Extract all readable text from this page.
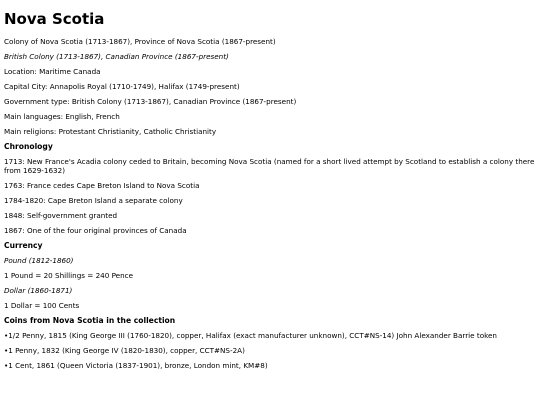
Nova Scotia
Colony of Nova Scotia (1713-1867), Province of Nova Scotia (1867-present)
British Colony (1713-1867), Canadian Province (1867-present)
Location: Maritime Canada
Capital City: Annapolis Royal (1710-1749), Halifax (1749-present)
Government type: British Colony (1713-1867), Canadian Province (1867-present)
Main languages: English, French
Main religions: Protestant Christianity, Catholic Christianity
Chronology
1713: New France's Acadia colony ceded to Britain, becoming Nova Scotia (named for a short lived attempt by Scotland to establish a colony there from 1629-1632)
1763: France cedes Cape Breton Island to Nova Scotia
1784-1820: Cape Breton Island a separate colony
1848: Self-government granted
1867: One of the four original provinces of Canada
Currency
Pound (1812-1860)
1 Pound = 20 Shillings = 240 Pence
Dollar (1860-1871)
1 Dollar = 100 Cents
Coins from Nova Scotia in the collection
•1/2 Penny, 1815 (King George III (1760-1820), copper, Halifax (exact manufacturer unknown), CCT#NS-14) John Alexander Barrie token
•1 Penny, 1832 (King George IV (1820-1830), copper, CCT#NS-2A)
•1 Cent, 1861 (Queen Victoria (1837-1901), bronze, London mint, KM#8)
